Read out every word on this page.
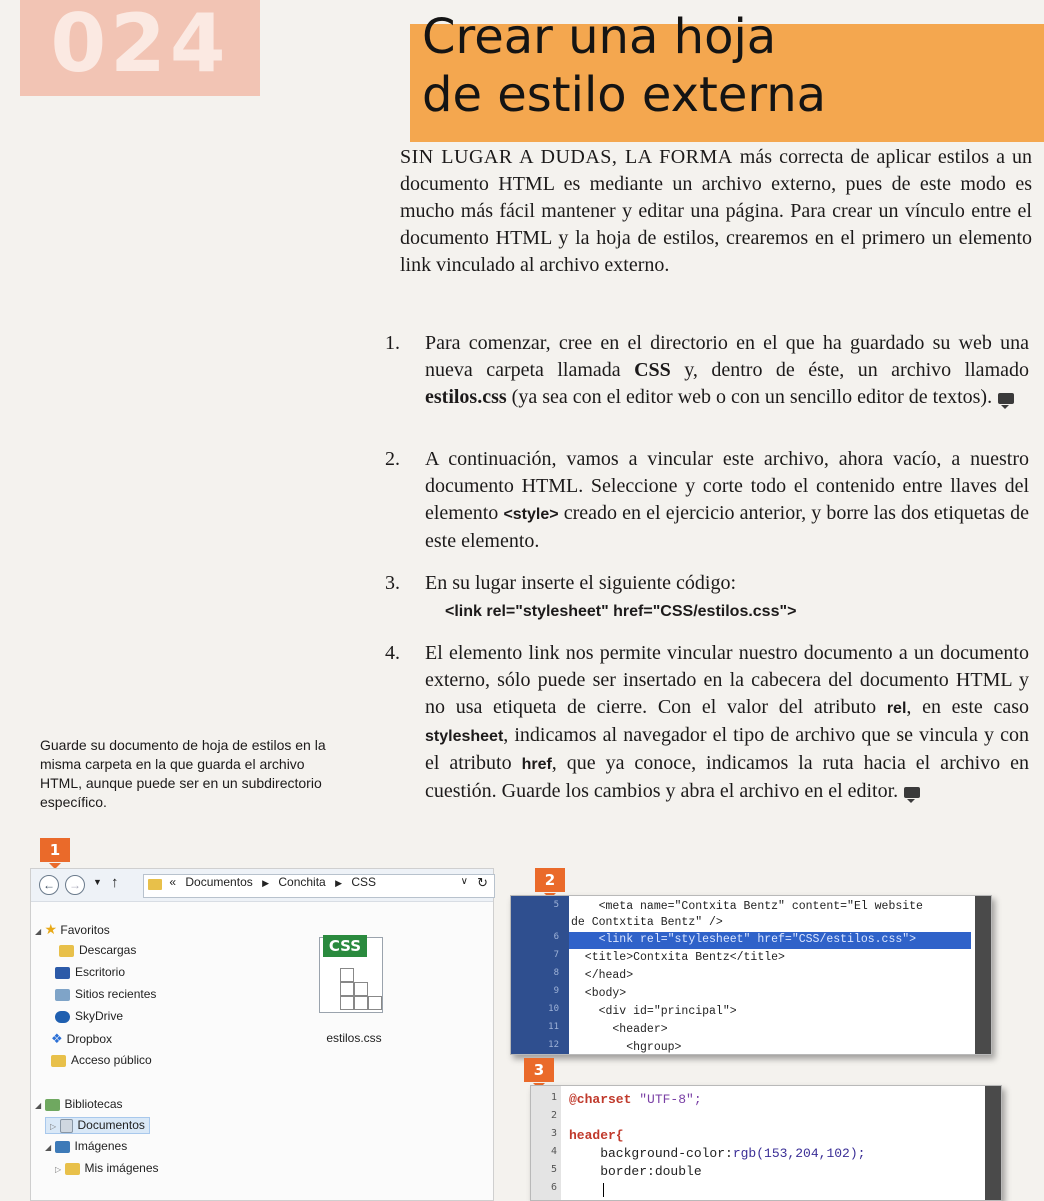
024	Crear una hoja
de estilo externa
SIN LUGAR A DUDAS, LA FORMA más correcta de aplicar estilos a un documento HTML es mediante un archivo externo, pues de este modo es mucho más fácil mantener y editar una página. Para crear un vínculo entre el documento HTML y la hoja de estilos, crearemos en el primero un elemento link vinculado al archivo externo.
1.	Para comenzar, cree en el directorio en el que ha guardado su web una nueva carpeta llamada CSS y, dentro de éste, un archivo llamado estilos.css (ya sea con el editor web o con un sencillo editor de textos).
2.	A continuación, vamos a vincular este archivo, ahora vacío, a nuestro documento HTML. Seleccione y corte todo el contenido entre llaves del elemento <style> creado en el ejercicio anterior, y borre las dos etiquetas de este elemento.
3.	En su lugar inserte el siguiente código:
<link rel="stylesheet" href="CSS/estilos.css">
4.	El elemento link nos permite vincular nuestro documento a un documento externo, sólo puede ser insertado en la cabecera del documento HTML y no usa etiqueta de cierre. Con el valor del atributo rel, en este caso stylesheet, indicamos al navegador el tipo de archivo que se vincula y con el atributo href, que ya conoce, indicamos la ruta hacia el archivo en cuestión. Guarde los cambios y abra el archivo en el editor.
Guarde su documento de hoja de estilos en la misma carpeta en la que guarda el archivo HTML, aunque puede ser en un subdirectorio específico.
1
←	→	▼ ↑	« Documentos ▶ Conchita ▶ CSS	∨ ↻
◢ ★ Favoritos
Descargas
Escritorio
Sitios recientes
SkyDrive
❖ Dropbox
Acceso público
◢ Bibliotecas
▷ Documentos
◢ Imágenes
▷ Mis imágenes
CSS
estilos.css
2
5
6
7
8
9
10
11
12
<meta name="Contxita Bentz" content="El website
de Contxtita Bentz" />
<link rel="stylesheet" href="CSS/estilos.css">
<title>Contxita Bentz</title>
</head>
<body>
<div id="principal">
<header>
<hgroup>
3
1
2
3
4
5
6
@charset "UTF-8";
header{
background-color:rgb(153,204,102);
border:double
